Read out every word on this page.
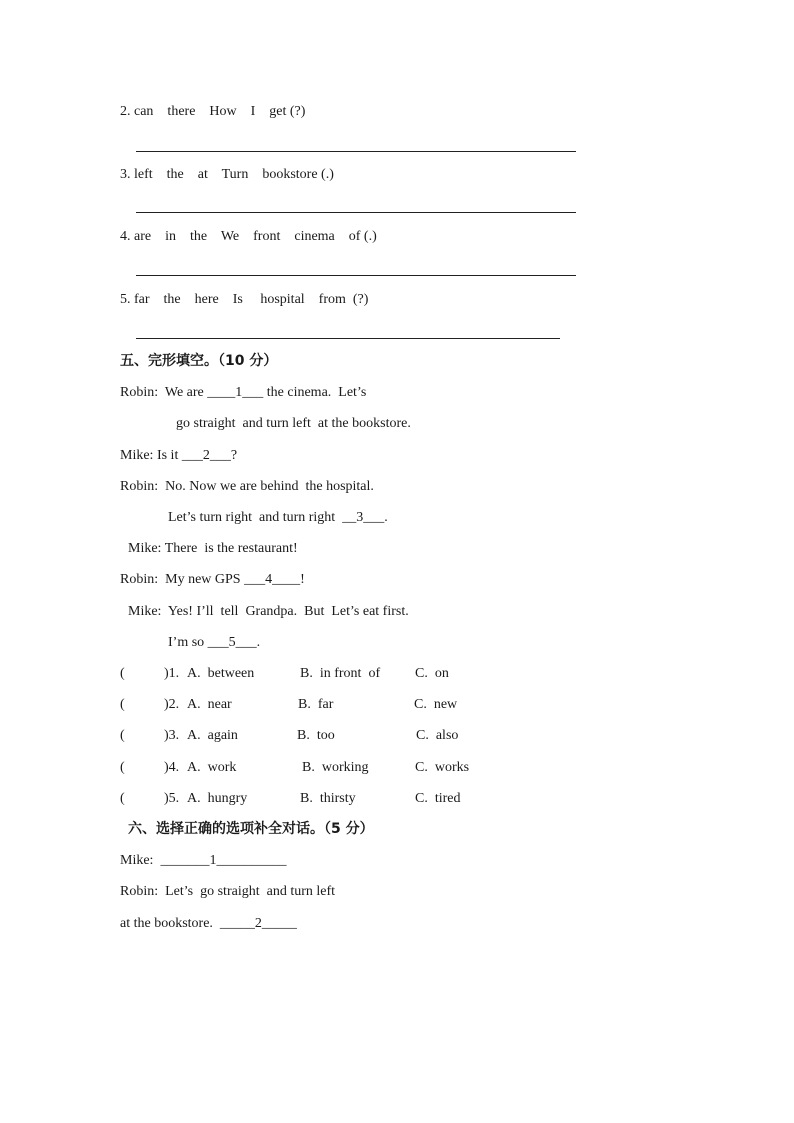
2. can    there    How    I    get (?)
3. left    the    at    Turn    bookstore (.)
4. are    in    the    We    front    cinema    of (.)
5. far    the    here    Is     hospital    from  (?)
五、完形填空。（10 分）
Robin:  We are ____1___ the cinema.  Let’s
go straight  and turn left  at the bookstore.
Mike: Is it ___2___?
Robin:  No. Now we are behind  the hospital.
Let’s turn right  and turn right  __3___.
Mike: There  is the restaurant!
Robin:  My new GPS ___4____!
Mike:  Yes! I’ll  tell  Grandpa.  But  Let’s eat first.
I’m so ___5___.
(	)1. A.  between	B.  in front  of C.  on
(	)2. A.  near	B.  far	C.  new
(	)3. A.  again	B.  too	C.  also
(	)4. A.  work	B.  working	C.  works
(	)5. A.  hungry	B.  thirsty	C.  tired
六、选择正确的选项补全对话。（5 分）
Mike:  _______1__________
Robin:  Let’s  go straight  and turn left
at the bookstore.  _____2_____
